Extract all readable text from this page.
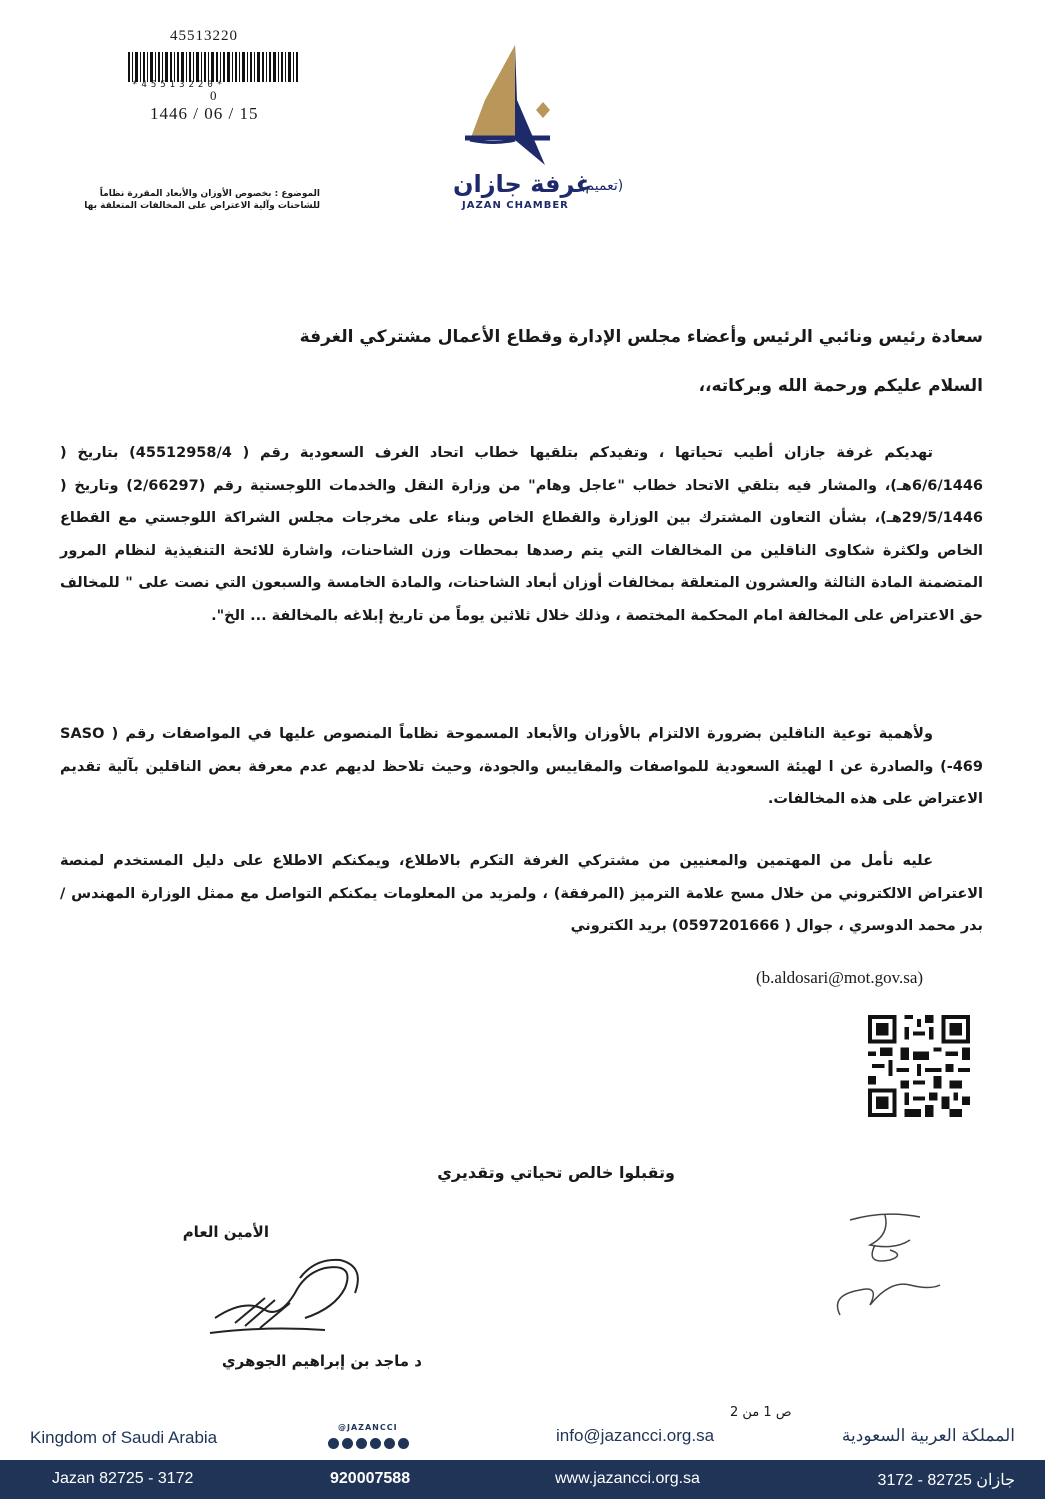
45513220
*45513220*
0
1446 / 06 / 15
الموضوع : بخصوص الأوزان والأبعاد المقررة نظاماً للشاحنات وآلية الاعتراض على المخالفات المتعلقة بها
غرفة جازان
JAZAN CHAMBER
(تعميم)
سعادة رئيس ونائبي الرئيس وأعضاء مجلس الإدارة وقطاع الأعمال مشتركي الغرفة
السلام عليكم ورحمة الله وبركاته،،
تهديكم غرفة جازان أطيب تحياتها ، وتفيدكم بتلقيها خطاب اتحاد الغرف السعودية رقم ( 45512958/4) بتاريخ ( 6/6/1446هـ)، والمشار فيه بتلقي الاتحاد خطاب "عاجل وهام" من وزارة النقل والخدمات اللوجستية رقم (2/66297) وتاريخ ( 29/5/1446هـ)، بشأن التعاون المشترك بين الوزارة والقطاع الخاص وبناء على مخرجات مجلس الشراكة اللوجستي مع القطاع الخاص ولكثرة شكاوى الناقلين من المخالفات التي يتم رصدها بمحطات وزن الشاحنات، واشارة للائحة التنفيذية لنظام المرور المتضمنة المادة الثالثة والعشرون المتعلقة بمخالفات أوزان أبعاد الشاحنات، والمادة الخامسة والسبعون التي نصت على " للمخالف حق الاعتراض على المخالفة امام المحكمة المختصة ، وذلك خلال ثلاثين يوماً من تاريخ إبلاغه بالمخالفة ... الخ".
ولأهمية توعية الناقلين بضرورة الالتزام بالأوزان والأبعاد المسموحة نظاماً المنصوص عليها في المواصفات رقم ( SASO -469) والصادرة عن ا لهيئة السعودية للمواصفات والمقاييس والجودة، وحيث تلاحظ لديهم عدم معرفة بعض الناقلين بآلية تقديم الاعتراض على هذه المخالفات.
عليه نأمل من المهتمين والمعنيين من مشتركي الغرفة التكرم بالاطلاع، ويمكنكم الاطلاع على دليل المستخدم لمنصة الاعتراض الالكتروني من خلال مسح علامة الترميز (المرفقة) ، ولمزيد من المعلومات يمكنكم التواصل مع ممثل الوزارة المهندس / بدر محمد الدوسري ، جوال ( 0597201666) بريد الكتروني
(b.aldosari@mot.gov.sa)
وتقبلوا خالص تحياتي وتقديري
الأمين العام
د ماجد بن إبراهيم الجوهري
ص 1 من 2
Kingdom of Saudi Arabia	info@jazancci.org.sa	المملكة العربية السعودية
@JAZANCCI
Jazan 82725 - 3172	920007588	www.jazancci.org.sa	جازان 82725 - 3172
